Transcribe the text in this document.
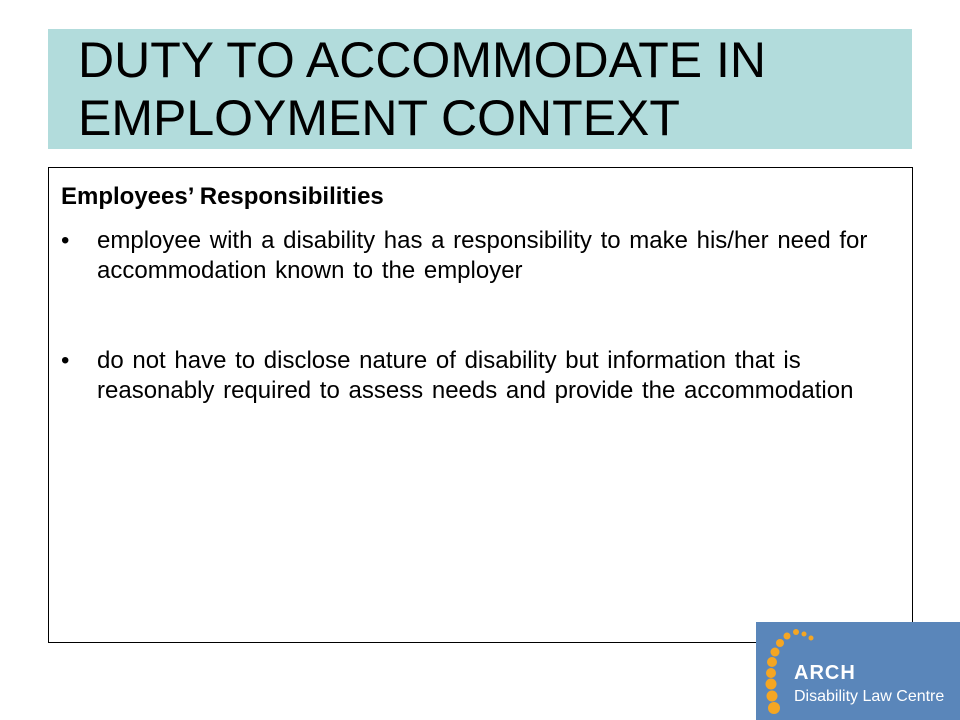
DUTY TO ACCOMMODATE IN
EMPLOYMENT CONTEXT
Employees’ Responsibilities
• employee with a disability has a responsibility to make his/her need for accommodation known to the employer
• do not have to disclose nature of disability but information that is reasonably required to assess needs and provide the accommodation
ARCH
Disability Law Centre
